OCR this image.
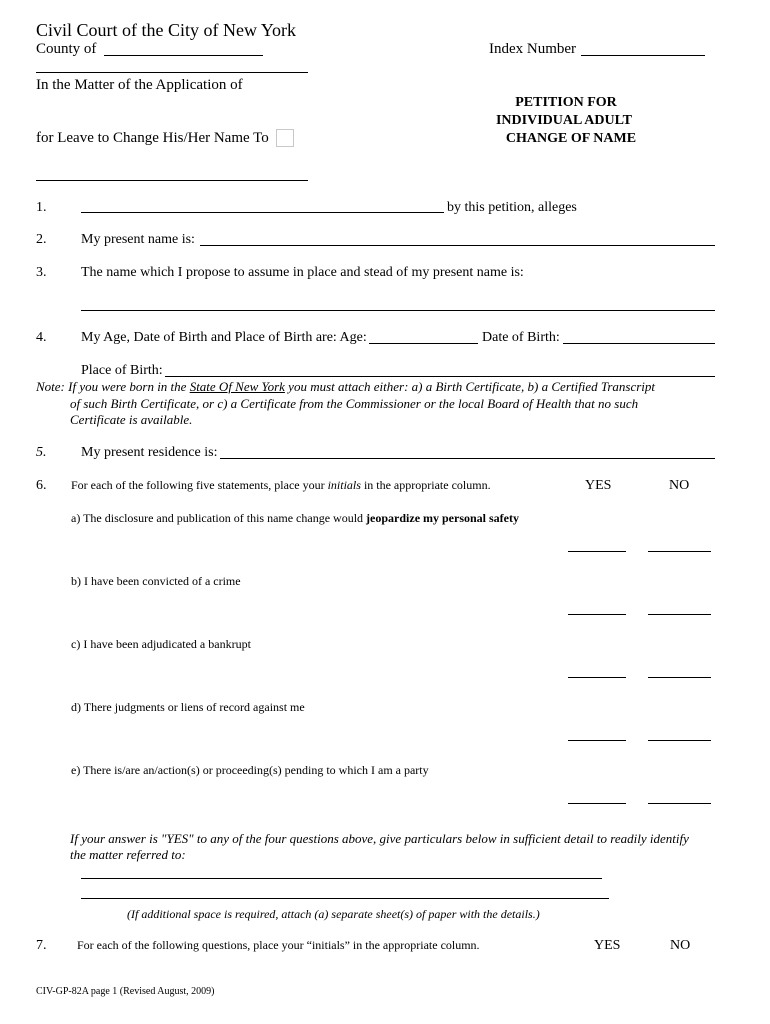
Civil Court of the City of New York
County of	Index Number
In the Matter of the Application of
PETITION FOR
INDIVIDUAL ADULT
CHANGE OF NAME
for Leave to Change His/Her Name To
1.	by this petition, alleges
2. My present name is:
3. The name which I propose to assume in place and stead of my present name is:
4. My Age, Date of Birth and Place of Birth are: Age:	Date of Birth:
Place of Birth:
Note: If you were born in the State Of New York you must attach either: a) a Birth Certificate, b) a Certified Transcript
of such Birth Certificate, or c) a Certificate from the Commissioner or the local Board of Health that no such
Certificate is available.
5. My present residence is:
6. For each of the following five statements, place your initials in the appropriate column.	YES	NO
a) The disclosure and publication of this name change would jeopardize my personal safety
b) I have been convicted of a crime
c) I have been adjudicated a bankrupt
d) There judgments or liens of record against me
e) There is/are an/action(s) or proceeding(s) pending to which I am a party
If your answer is "YES" to any of the four questions above, give particulars below in sufficient detail to readily identify
the matter referred to:
(If additional space is required, attach (a) separate sheet(s) of paper with the details.)
7.	For each of the following questions, place your “initials” in the appropriate column.	YES	NO
CIV-GP-82A page 1 (Revised August, 2009)
